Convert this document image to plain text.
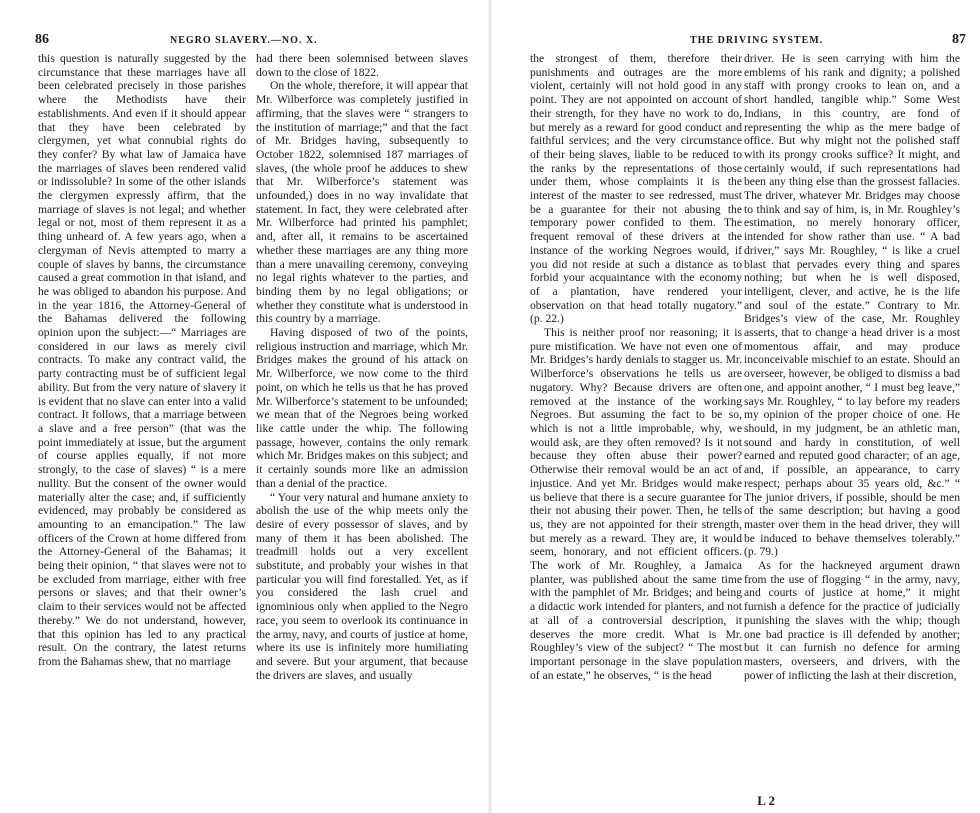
86	NEGRO SLAVERY.—NO. X.

this question is naturally suggested by the circumstance that these marriages have all been celebrated precisely in those parishes where the Methodists have their establishments. And even if it should appear that they have been celebrated by clergymen, yet what connubial rights do they confer? By what law of Jamaica have the marriages of slaves been rendered valid or indissoluble? In some of the other islands the clergymen expressly affirm, that the marriage of slaves is not legal; and whether legal or not, most of them represent it as a thing unheard of. A few years ago, when a clergyman of Nevis attempted to marry a couple of slaves by banns, the circumstance caused a great commotion in that island, and he was obliged to abandon his purpose. And in the year 1816, the Attorney-General of the Bahamas delivered the following opinion upon the subject:—“ Marriages are considered in our laws as merely civil contracts. To make any contract valid, the party contracting must be of sufficient legal ability. But from the very nature of slavery it is evident that no slave can enter into a valid contract. It follows, that a marriage between a slave and a free person” (that was the point immediately at issue, but the argument of course applies equally, if not more strongly, to the case of slaves) “ is a mere nullity. But the consent of the owner would materially alter the case; and, if sufficiently evidenced, may probably be considered as amounting to an emancipation.” The law officers of the Crown at home differed from the Attorney-General of the Bahamas; it being their opinion, “ that slaves were not to be excluded from marriage, either with free persons or slaves; and that their owner’s claim to their services would not be affected thereby.” We do not understand, however, that this opinion has led to any practical result. On the contrary, the latest returns from the Bahamas shew, that no marriage

had there been solemnised between slaves down to the close of 1822.

On the whole, therefore, it will appear that Mr. Wilberforce was completely justified in affirming, that the slaves were “ strangers to the institution of marriage;” and that the fact of Mr. Bridges having, subsequently to October 1822, solemnised 187 marriages of slaves, (the whole proof he adduces to shew that Mr. Wilberforce’s statement was unfounded,) does in no way invalidate that statement. In fact, they were celebrated after Mr. Wilberforce had printed his pamphlet; and, after all, it remains to be ascertained whether these marriages are any thing more than a mere unavailing ceremony, conveying no legal rights whatever to the parties, and binding them by no legal obligations; or whether they constitute what is understood in this country by a marriage.

Having disposed of two of the points, religious instruction and marriage, which Mr. Bridges makes the ground of his attack on Mr. Wilberforce, we now come to the third point, on which he tells us that he has proved Mr. Wilberforce’s statement to be unfounded; we mean that of the Negroes being worked like cattle under the whip. The following passage, however, contains the only remark which Mr. Bridges makes on this subject; and it certainly sounds more like an admission than a denial of the practice.

“ Your very natural and humane anxiety to abolish the use of the whip meets only the desire of every possessor of slaves, and by many of them it has been abolished. The treadmill holds out a very excellent substitute, and probably your wishes in that particular you will find forestalled. Yet, as if you considered the lash cruel and ignominious only when applied to the Negro race, you seem to overlook its continuance in the army, navy, and courts of justice at home, where its use is infinitely more humiliating and severe. But your argument, that because the drivers are slaves, and usually

THE DRIVING SYSTEM.	87

the strongest of them, therefore their punishments and outrages are the more violent, certainly will not hold good in any point. They are not appointed on account of their strength, for they have no work to do, but merely as a reward for good conduct and faithful services; and the very circumstance of their being slaves, liable to be reduced to the ranks by the representations of those under them, whose complaints it is the interest of the master to see redressed, must be a guarantee for their not abusing the temporary power confided to them. The frequent removal of these drivers at the instance of the working Negroes would, if you did not reside at such a distance as to forbid your acquaintance with the economy of a plantation, have rendered your observation on that head totally nugatory.” (p. 22.)

This is neither proof nor reasoning; it is pure mistification. We have not even one of Mr. Bridges’s hardy denials to stagger us. Mr. Wilberforce’s observations he tells us are nugatory. Why? Because drivers are often removed at the instance of the working Negroes. But assuming the fact to be so, which is not a little improbable, why, we would ask, are they often removed? Is it not because they often abuse their power? Otherwise their removal would be an act of injustice. And yet Mr. Bridges would make us believe that there is a secure guarantee for their not abusing their power. Then, he tells us, they are not appointed for their strength, but merely as a reward. They are, it would seem, honorary, and not efficient officers. The work of Mr. Roughley, a Jamaica planter, was published about the same time with the pamphlet of Mr. Bridges; and being a didactic work intended for planters, and not at all of a controversial description, it deserves the more credit. What is Mr. Roughley’s view of the subject? “ The most important personage in the slave population of an estate,” he observes, “ is the head

driver. He is seen carrying with him the emblems of his rank and dignity; a polished staff with prongy crooks to lean on, and a short handled, tangible whip.” Some West Indians, in this country, are fond of representing the whip as the mere badge of office. But why might not the polished staff with its prongy crooks suffice? It might, and certainly would, if such representations had been any thing else than the grossest fallacies. The driver, whatever Mr. Bridges may choose to think and say of him, is, in Mr. Roughley’s estimation, no merely honorary officer, intended for show rather than use. “ A bad driver,” says Mr. Roughley, “ is like a cruel blast that pervades every thing and spares nothing; but when he is well disposed, intelligent, clever, and active, he is the life and soul of the estate.” Contrary to Mr. Bridges’s view of the case, Mr. Roughley asserts, that to change a head driver is a most momentous affair, and may produce inconceivable mischief to an estate. Should an overseer, however, be obliged to dismiss a bad one, and appoint another, “ I must beg leave,” says Mr. Roughley, “ to lay before my readers my opinion of the proper choice of one. He should, in my judgment, be an athletic man, sound and hardy in constitution, of well earned and reputed good character; of an age, and, if possible, an appearance, to carry respect; perhaps about 35 years old, &c.” “ The junior drivers, if possible, should be men of the same description; but having a good master over them in the head driver, they will be induced to behave themselves tolerably.” (p. 79.)

As for the hackneyed argument drawn from the use of flogging “ in the army, navy, and courts of justice at home,” it might furnish a defence for the practice of judicially punishing the slaves with the whip; though one bad practice is ill defended by another; but it can furnish no defence for arming masters, overseers, and drivers, with the power of inflicting the lash at their discretion,

L 2
